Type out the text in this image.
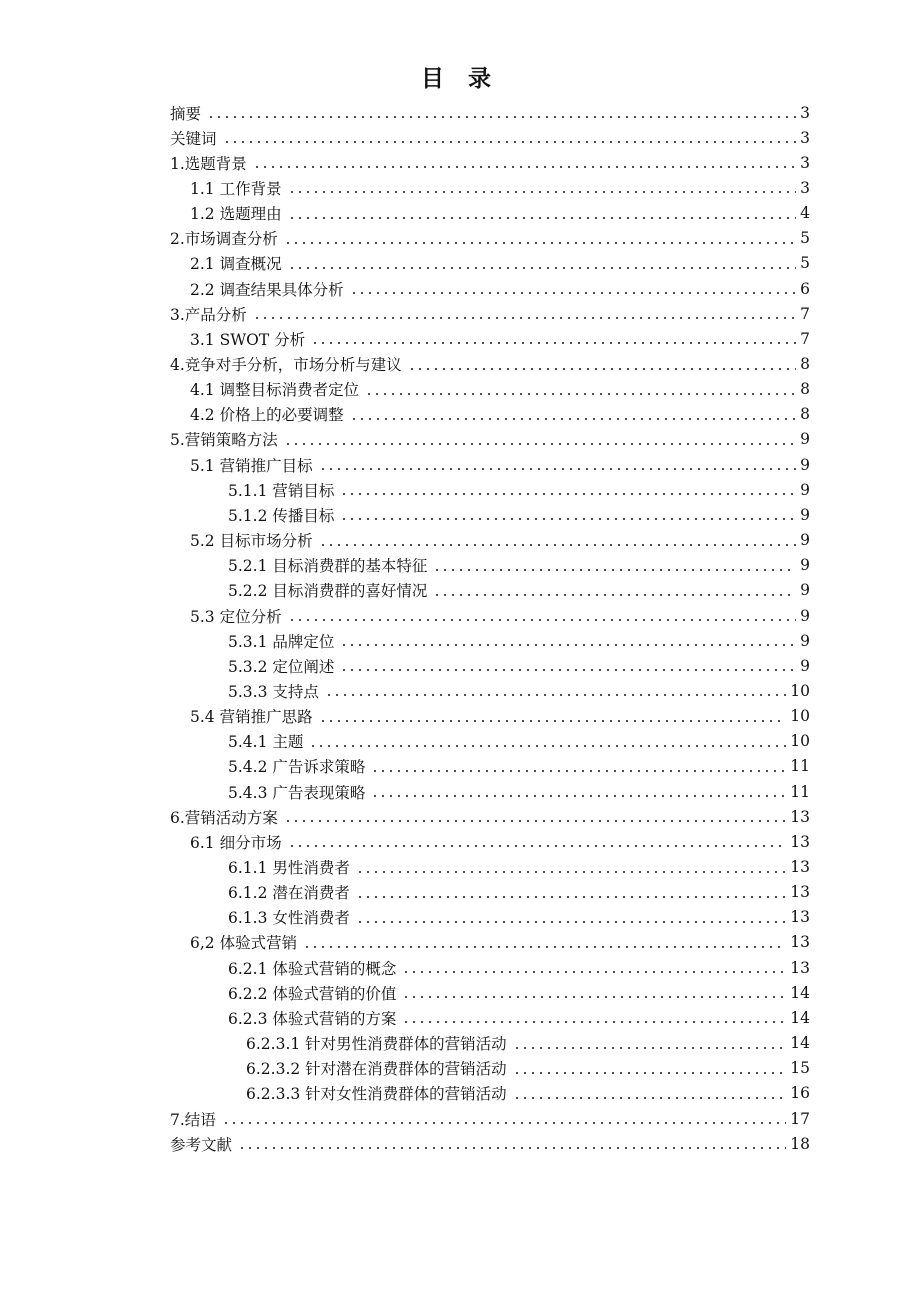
目 录
摘要	3
关键词	3
1.选题背景	3
1.1 工作背景	3
1.2 选题理由	4
2.市场调查分析	5
2.1 调查概况	5
2.2 调查结果具体分析	6
3.产品分析	7
3.1 SWOT 分析	7
4.竞争对手分析，市场分析与建议	8
4.1 调整目标消费者定位	8
4.2 价格上的必要调整	8
5.营销策略方法	9
5.1 营销推广目标	9
5.1.1 营销目标	9
5.1.2 传播目标	9
5.2 目标市场分析	9
5.2.1 目标消费群的基本特征	9
5.2.2 目标消费群的喜好情况	9
5.3 定位分析	9
5.3.1 品牌定位	9
5.3.2 定位阐述	9
5.3.3 支持点	10
5.4 营销推广思路	10
5.4.1 主题	10
5.4.2 广告诉求策略	11
5.4.3 广告表现策略	11
6.营销活动方案	13
6.1 细分市场	13
6.1.1 男性消费者	13
6.1.2 潜在消费者	13
6.1.3 女性消费者	13
6,2 体验式营销	13
6.2.1 体验式营销的概念	13
6.2.2 体验式营销的价值	14
6.2.3 体验式营销的方案	14
6.2.3.1 针对男性消费群体的营销活动	14
6.2.3.2 针对潜在消费群体的营销活动	15
6.2.3.3 针对女性消费群体的营销活动	16
7.结语	17
参考文献	18
